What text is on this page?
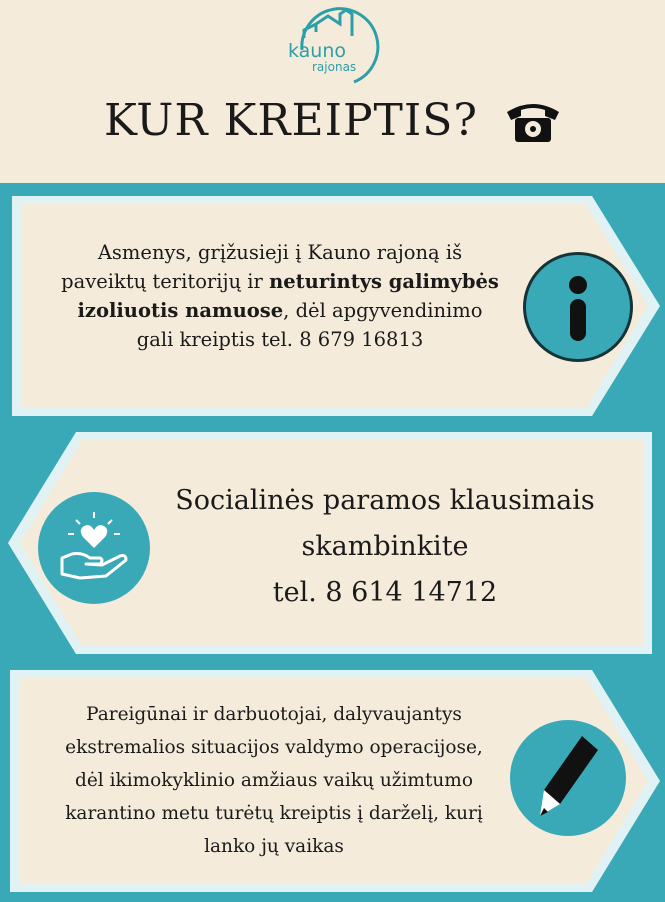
kauno
rajonas
KUR KREIPTIS?
Asmenys, grįžusieji į Kauno rajoną iš
paveiktų teritorijų ir neturintys galimybės
izoliuotis namuose, dėl apgyvendinimo
gali kreiptis tel. 8 679 16813
Socialinės paramos klausimais
skambinkite
tel. 8 614 14712
Pareigūnai ir darbuotojai, dalyvaujantys
ekstremalios situacijos valdymo operacijose,
dėl ikimokyklinio amžiaus vaikų užimtumo
karantino metu turėtų kreiptis į darželį, kurį
lanko jų vaikas
